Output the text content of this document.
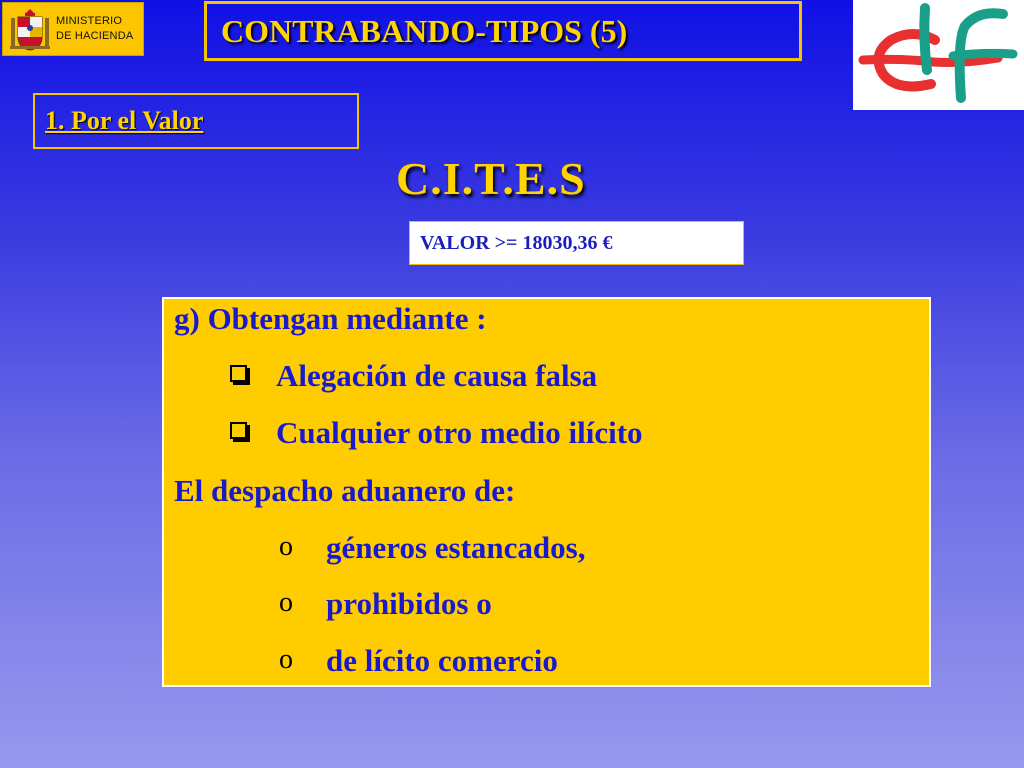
MINISTERIO
DE HACIENDA	CONTRABANDO-TIPOS (5)
1. Por el Valor
C.I.T.E.S
VALOR >= 18030,36 €
g) Obtengan mediante :
Alegación de causa falsa
Cualquier otro medio ilícito
El despacho aduanero de:
o géneros estancados,
o prohibidos o
o de lícito comercio
